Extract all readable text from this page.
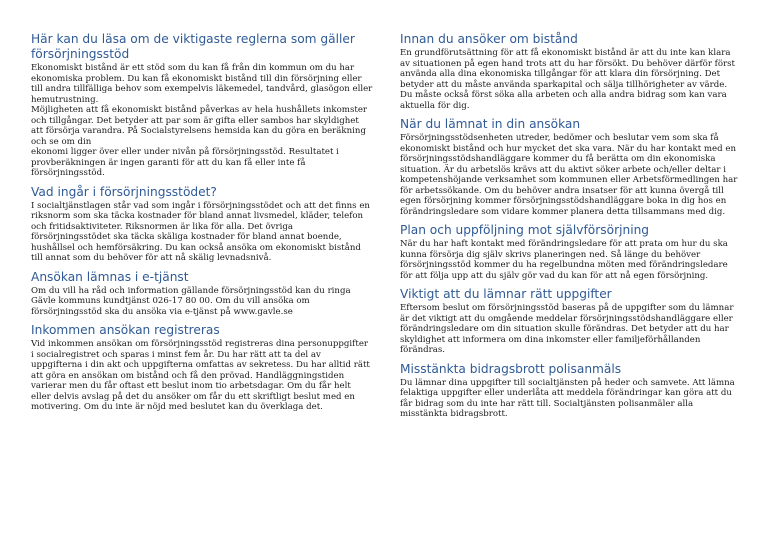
Här kan du läsa om de viktigaste reglerna som gäller försörjningsstöd

Ekonomiskt bistånd är ett stöd som du kan få från din kommun om du har ekonomiska problem. Du kan få ekonomiskt bistånd till din försörjning eller till andra tillfälliga behov som exempelvis läkemedel, tandvård, glasögon eller hemutrustning.
Möjligheten att få ekonomiskt bistånd påverkas av hela hushållets inkomster och tillgångar. Det betyder att par som är gifta eller sambos har skyldighet att försörja varandra. På Socialstyrelsens hemsida kan du göra en beräkning och se om din
ekonomi ligger över eller under nivån på försörjningsstöd. Resultatet i provberäkningen är ingen garanti för att du kan få eller inte få försörjningsstöd.

Vad ingår i försörjningsstödet?

I socialtjänstlagen står vad som ingår i försörjningsstödet och att det finns en riksnorm som ska täcka kostnader för bland annat livsmedel, kläder, telefon och fritidsaktiviteter. Riksnormen är lika för alla. Det övriga försörjningsstödet ska täcka skäliga kostnader för bland annat boende, hushållsel och hemförsäkring. Du kan också ansöka om ekonomiskt bistånd till annat som du behöver för att nå skälig levnadsnivå.

Ansökan lämnas i e-tjänst

Om du vill ha råd och information gällande försörjningsstöd kan du ringa Gävle kommuns kundtjänst 026-17 80 00. Om du vill ansöka om försörjningsstöd ska du ansöka via e-tjänst på www.gavle.se

Inkommen ansökan registreras

Vid inkommen ansökan om försörjningsstöd registreras dina personuppgifter i socialregistret och sparas i minst fem år. Du har rätt att ta del av uppgifterna i din akt och uppgifterna omfattas av sekretess. Du har alltid rätt att göra en ansökan om bistånd och få den prövad. Handläggningstiden varierar men du får oftast ett beslut inom tio arbetsdagar. Om du får helt eller delvis avslag på det du ansöker om får du ett skriftligt beslut med en motivering. Om du inte är nöjd med beslutet kan du överklaga det.

Innan du ansöker om bistånd

En grundförutsättning för att få ekonomiskt bistånd är att du inte kan klara av situationen på egen hand trots att du har försökt. Du behöver därför först använda alla dina ekonomiska tillgångar för att klara din försörjning. Det betyder att du måste använda sparkapital och sälja tillhörigheter av värde. Du måste också först söka alla arbeten och alla andra bidrag som kan vara aktuella för dig.

När du lämnat in din ansökan

Försörjningsstödsenheten utreder, bedömer och beslutar vem som ska få ekonomiskt bistånd och hur mycket det ska vara. När du har kontakt med en försörjningsstödshandläggare kommer du få berätta om din ekonomiska situation. Är du arbetslös krävs att du aktivt söker arbete och/eller deltar i kompetenshöjande verksamhet som kommunen eller Arbetsförmedlingen har för arbetssökande. Om du behöver andra insatser för att kunna övergå till egen försörjning kommer försörjningsstödshandläggare boka in dig hos en förändringsledare som vidare kommer planera detta tillsammans med dig.

Plan och uppföljning mot självförsörjning

När du har haft kontakt med förändringsledare för att prata om hur du ska kunna försörja dig själv skrivs planeringen ned. Så länge du behöver försörjningsstöd kommer du ha regelbundna möten med förändringsledare för att följa upp att du själv gör vad du kan för att nå egen försörjning.

Viktigt att du lämnar rätt uppgifter

Eftersom beslut om försörjningsstöd baseras på de uppgifter som du lämnar är det viktigt att du omgående meddelar försörjningsstödshandläggare eller förändringsledare om din situation skulle förändras. Det betyder att du har skyldighet att informera om dina inkomster eller familjeförhållanden förändras.

Misstänkta bidragsbrott polisanmäls

Du lämnar dina uppgifter till socialtjänsten på heder och samvete. Att lämna felaktiga uppgifter eller underlåta att meddela förändringar kan göra att du får bidrag som du inte har rätt till. Socialtjänsten polisanmäler alla misstänkta bidragsbrott.
